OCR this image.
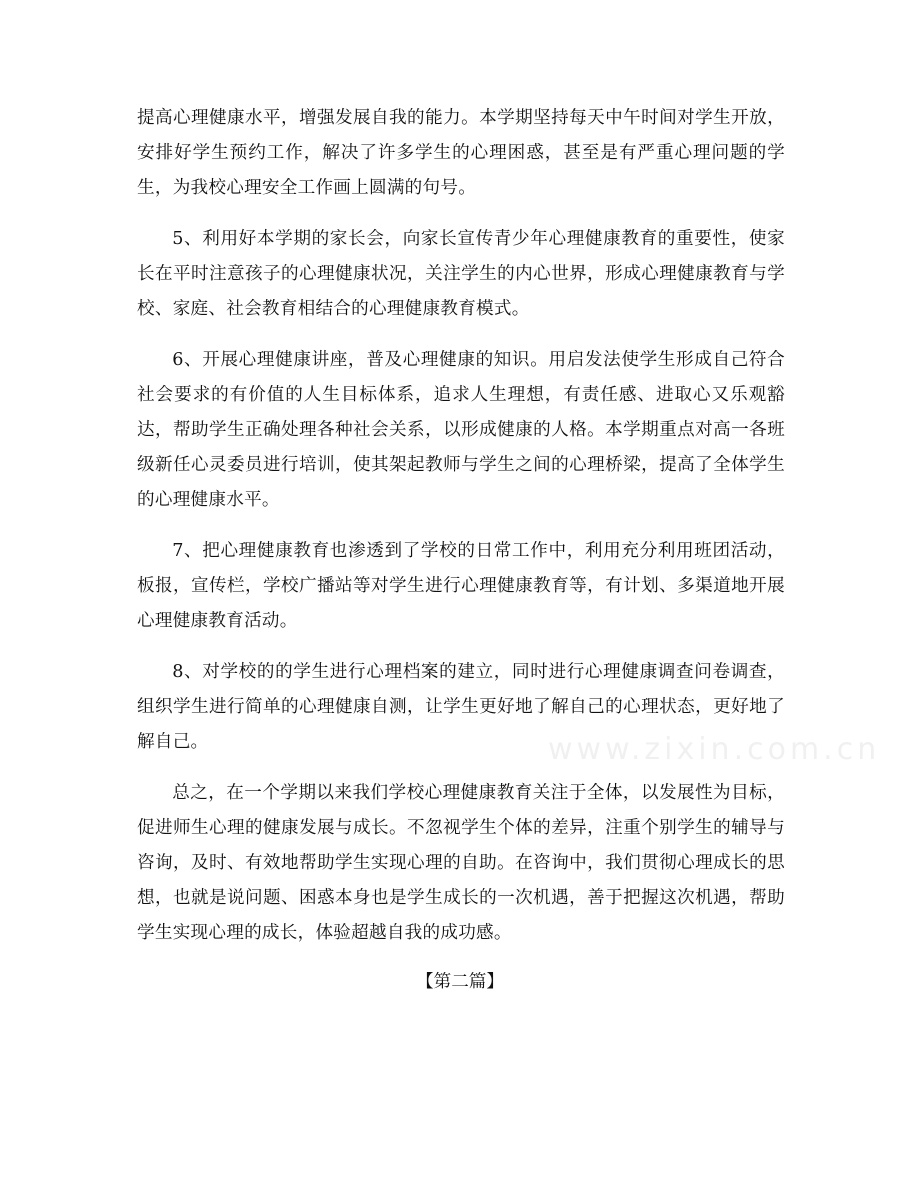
提高心理健康水平，增强发展自我的能力。本学期坚持每天中午时间对学生开放，安排好学生预约工作，解决了许多学生的心理困惑，甚至是有严重心理问题的学生，为我校心理安全工作画上圆满的句号。

5、利用好本学期的家长会，向家长宣传青少年心理健康教育的重要性，使家长在平时注意孩子的心理健康状况，关注学生的内心世界，形成心理健康教育与学校、家庭、社会教育相结合的心理健康教育模式。

6、开展心理健康讲座，普及心理健康的知识。用启发法使学生形成自己符合社会要求的有价值的人生目标体系，追求人生理想，有责任感、进取心又乐观豁达，帮助学生正确处理各种社会关系，以形成健康的人格。本学期重点对高一各班级新任心灵委员进行培训，使其架起教师与学生之间的心理桥梁，提高了全体学生的心理健康水平。

7、把心理健康教育也渗透到了学校的日常工作中，利用充分利用班团活动，板报，宣传栏，学校广播站等对学生进行心理健康教育等，有计划、多渠道地开展心理健康教育活动。

8、对学校的的学生进行心理档案的建立，同时进行心理健康调查问卷调查，组织学生进行简单的心理健康自测，让学生更好地了解自己的心理状态，更好地了解自己。

总之，在一个学期以来我们学校心理健康教育关注于全体，以发展性为目标，促进师生心理的健康发展与成长。不忽视学生个体的差异，注重个别学生的辅导与咨询，及时、有效地帮助学生实现心理的自助。在咨询中，我们贯彻心理成长的思想，也就是说问题、困惑本身也是学生成长的一次机遇，善于把握这次机遇，帮助学生实现心理的成长，体验超越自我的成功感。

【第二篇】

www.zixin.com.cn
